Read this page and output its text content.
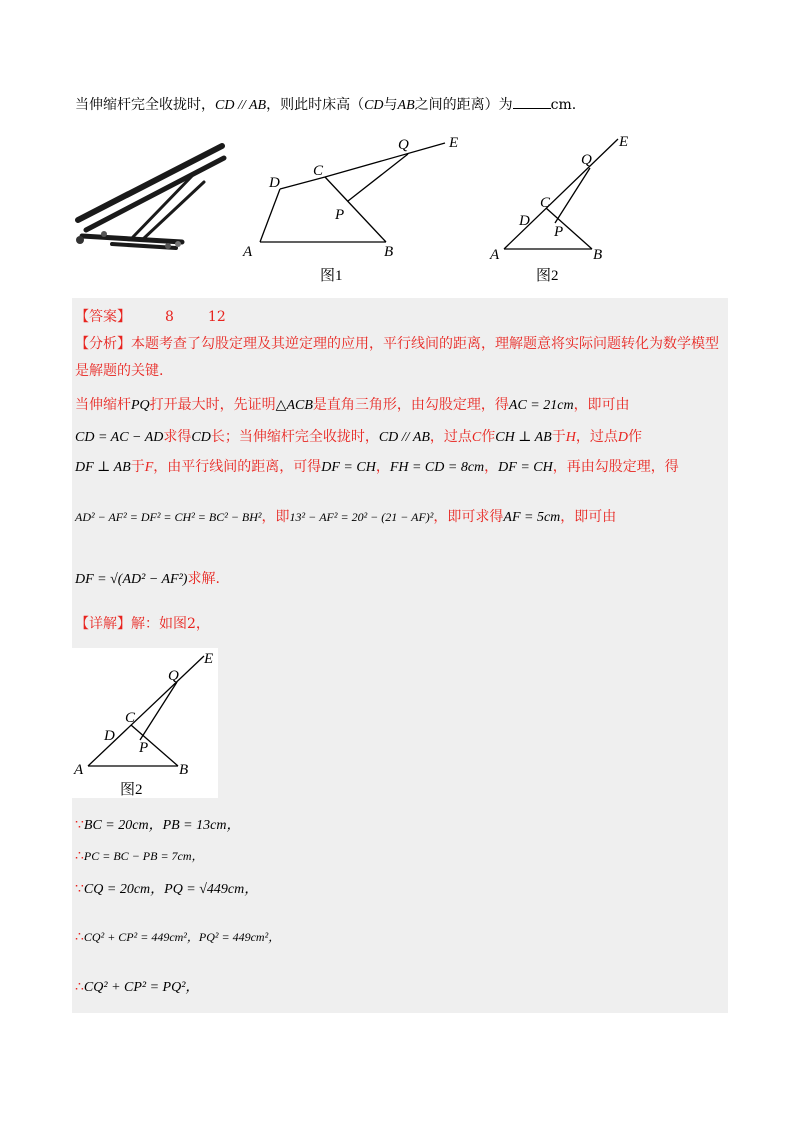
当伸缩杆完全收拢时，CD // AB，则此时床高（CD与AB之间的距离）为	cm.
A	B
C
D
P
Q	E
图1
A	B
C
D
P
Q
E
图2
【答案】 8 12
【分析】本题考查了勾股定理及其逆定理的应用，平行线间的距离，理解题意将实际问题转化为数学模型
是解题的关键.
当伸缩杆PQ打开最大时，先证明△ACB是直角三角形，由勾股定理，得AC = 21cm，即可由
CD = AC − AD求得CD长；当伸缩杆完全收拢时，CD // AB，过点C作CH ⊥ AB于H，过点D作
DF ⊥ AB于F，由平行线间的距离，可得DF = CH，FH = CD = 8cm，DF = CH，再由勾股定理，得
AD² − AF² = DF² = CH² = BC² − BH²，即13² − AF² = 20² − (21 − AF)²，即可求得AF = 5cm，即可由
DF = √(AD² − AF²)求解.
【详解】解：如图2，
A	B
C
D
P
Q
E
图2
∵BC = 20cm，PB = 13cm，
∴PC = BC − PB = 7cm，
∵CQ = 20cm，PQ = √449cm，
∴CQ² + CP² = 449cm²，PQ² = 449cm²，
∴CQ² + CP² = PQ²，
